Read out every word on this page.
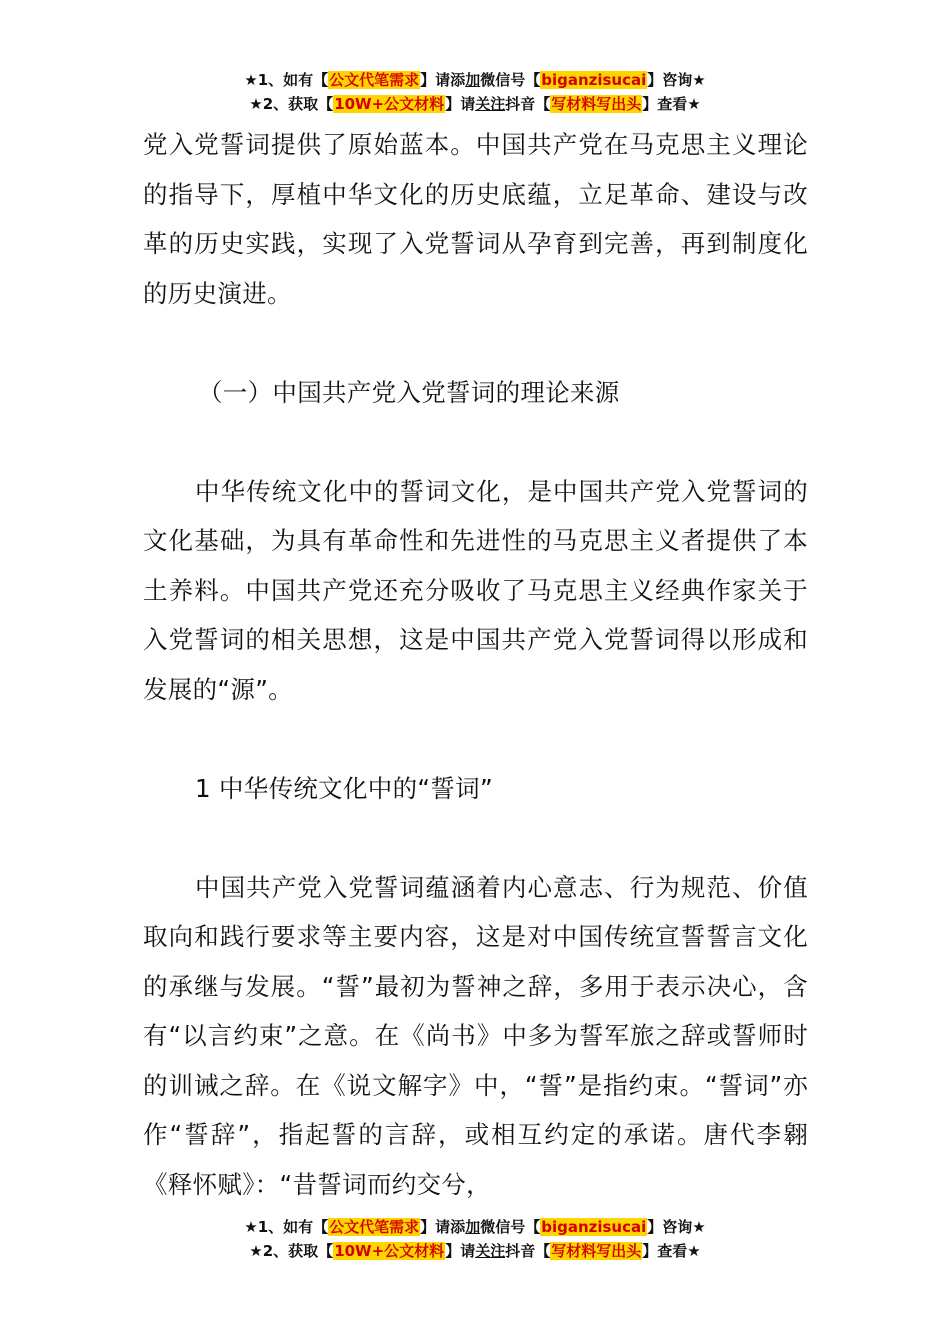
★1、如有【公文代笔需求】请添加微信号【biganzisucai】咨询★
★2、获取【10W+公文材料】请关注抖音【写材料写出头】查看★

党入党誓词提供了原始蓝本。中国共产党在马克思主义理论的指导下，厚植中华文化的历史底蕴，立足革命、建设与改革的历史实践，实现了入党誓词从孕育到完善，再到制度化的历史演进。

（一）中国共产党入党誓词的理论来源

中华传统文化中的誓词文化，是中国共产党入党誓词的文化基础，为具有革命性和先进性的马克思主义者提供了本土养料。中国共产党还充分吸收了马克思主义经典作家关于入党誓词的相关思想，这是中国共产党入党誓词得以形成和发展的“源”。

1 中华传统文化中的“誓词”

中国共产党入党誓词蕴涵着内心意志、行为规范、价值取向和践行要求等主要内容，这是对中国传统宣誓誓言文化的承继与发展。“誓”最初为誓神之辞，多用于表示决心，含有“以言约束”之意。在《尚书》中多为誓军旅之辞或誓师时的训诫之辞。在《说文解字》中，“誓”是指约束。“誓词”亦作“誓辞”，指起誓的言辞，或相互约定的承诺。唐代李翱《释怀赋》：“昔誓词而约交兮，

★1、如有【公文代笔需求】请添加微信号【biganzisucai】咨询★
★2、获取【10W+公文材料】请关注抖音【写材料写出头】查看★
